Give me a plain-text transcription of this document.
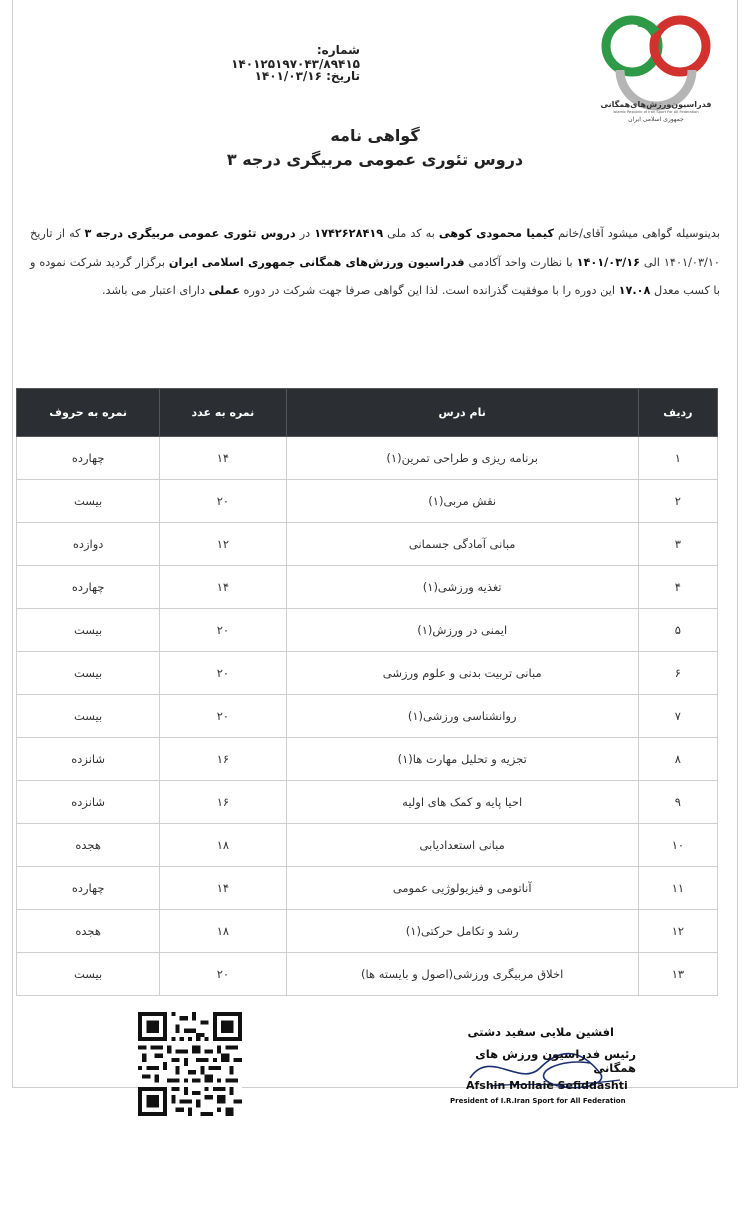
فدراسیون‌ورزش‌های‌همگانی
Islamic Republic of Iran Sport For All Federation
جمهوری اسلامی ایران
شماره: ۱۴۰۱۲۵۱۹۷۰۴۳/۸۹۴۱۵
تاریخ: ۱۴۰۱/۰۳/۱۶
گواهی نامه
دروس تئوری عمومی مربیگری درجه ۳
بدینوسیله گواهی میشود آقای/خانم کیمیا محمودی کوهی به کد ملی ۱۷۴۲۶۲۸۴۱۹ در دروس تئوری عمومی مربیگری درجه ۳ که از تاریخ ۱۴۰۱/۰۳/۱۰ الی ۱۴۰۱/۰۳/۱۶ با نظارت واحد آکادمی فدراسیون ورزش‌های همگانی جمهوری اسلامی ایران برگزار گردید شرکت نموده و با کسب معدل ۱۷.۰۸ این دوره را با موفقیت گذرانده است. لذا این گواهی صرفا جهت شرکت در دوره عملی دارای اعتبار می باشد.
ردیف	نام درس	نمره به عدد	نمره به حروف
۱	برنامه ریزی و طراحی تمرین(۱)	۱۴	چهارده
۲	نقش مربی(۱)	۲۰	بیست
۳	مبانی آمادگی جسمانی	۱۲	دوازده
۴	تغذیه ورزشی(۱)	۱۴	چهارده
۵	ایمنی در ورزش(۱)	۲۰	بیست
۶	مبانی تربیت بدنی و علوم ورزشی	۲۰	بیست
۷	روانشناسی ورزشی(۱)	۲۰	بیست
۸	تجزیه و تحلیل مهارت ها(۱)	۱۶	شانزده
۹	احیا پایه و کمک های اولیه	۱۶	شانزده
۱۰	مبانی استعدادیابی	۱۸	هجده
۱۱	آناتومی و فیزیولوژیی عمومی	۱۴	چهارده
۱۲	رشد و تکامل حرکتی(۱)	۱۸	هجده
۱۳	اخلاق مربیگری ورزشی(اصول و بایسته ها)	۲۰	بیست
افشین ملایی سفید دشتی
رئیس فدراسیون ورزش های همگانی
Afshin Mollaie Sefiddashti
President of I.R.Iran Sport for All Federation
